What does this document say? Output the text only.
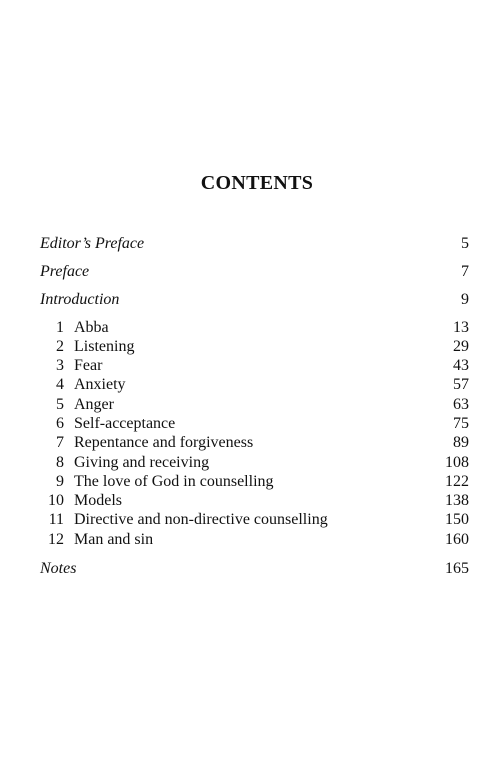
CONTENTS
Editor’s Preface	5
Preface	7
Introduction	9
1 Abba	13
2 Listening	29
3 Fear	43
4 Anxiety	57
5 Anger	63
6 Self-acceptance	75
7 Repentance and forgiveness	89
8 Giving and receiving	108
9 The love of God in counselling	122
10 Models	138
11 Directive and non-directive counselling	150
12 Man and sin	160
Notes	165
